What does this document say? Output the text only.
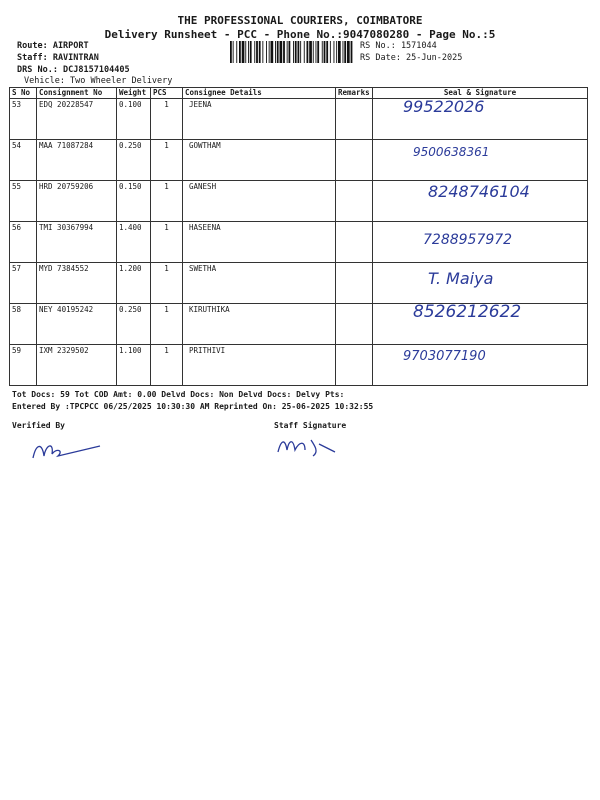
THE PROFESSIONAL COURIERS, COIMBATORE
Delivery Runsheet - PCC - Phone No.:9047080280 - Page No.:5
Route: AIRPORT
Staff: RAVINTRAN
DRS No.: DCJ8157104405
Vehicle: Two Wheeler Delivery
RS No.: 1571044
RS Date: 25-Jun-2025
S No	Consignment No	Weight	PCS	Consignee Details	Remarks	Seal & Signature
53	EDQ 20228547	0.100	1	JEENA		99522026

54	MAA 71087284	0.250	1	GOWTHAM		9500638361

55	HRD 20759206	0.150	1	GANESH		8248746104

56	TMI 30367994	1.400	1	HASEENA		7288957972

57	MYD 7384552	1.200	1	SWETHA		T. Maiya

58	NEY 40195242	0.250	1	KIRUTHIKA		8526212622

59	IXM 2329502	1.100	1	PRITHIVI		9703077190
Tot Docs: 59 Tot COD Amt: 0.00 Delvd Docs: Non Delvd Docs: Delvy Pts:
Entered By :TPCPCC 06/25/2025 10:30:30 AM Reprinted On: 25-06-2025 10:32:55
Verified By	Staff Signature
